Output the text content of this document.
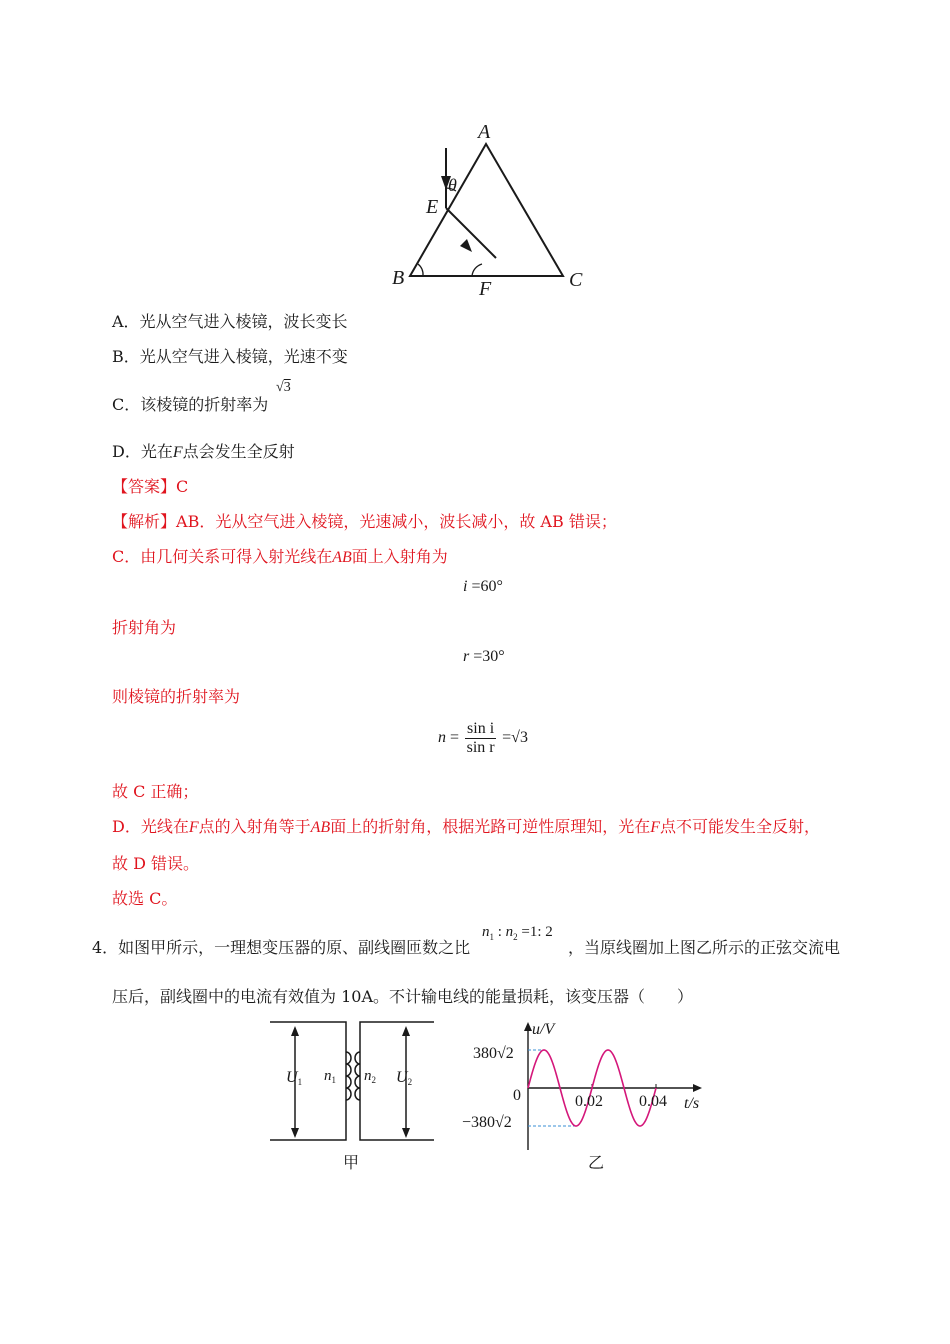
A
B	C
E
F
θ
A．光从空气进入棱镜，波长变长
B．光从空气进入棱镜，光速不变
C．该棱镜的折射率为
√3
D．光在F点会发生全反射
【答案】C
【解析】AB．光从空气进入棱镜，光速减小，波长减小，故 AB 错误；
C．由几何关系可得入射光线在AB面上入射角为
i =60°
折射角为
r =30°
则棱镜的折射率为
$n = \frac{\text{sin i}}{\text{sin r}} =√3$
故 C 正确；
D．光线在F点的入射角等于AB面上的折射角，根据光路可逆性原理知，光在F点不可能发生全反射，
故 D 错误。
故选 C。
4．如图甲所示，一理想变压器的原、副线圈匝数之比
$n_1$ : $n_2 =1$: 2
，当原线圈加上图乙所示的正弦交流电
压后，副线圈中的电流有效值为 10A。不计输电线的能量损耗，该变压器（　　）
U1	U2
$n_1$ $n_2$
甲
u/V
t/s
380√2
−380√2
0	0.02 0.04
乙
